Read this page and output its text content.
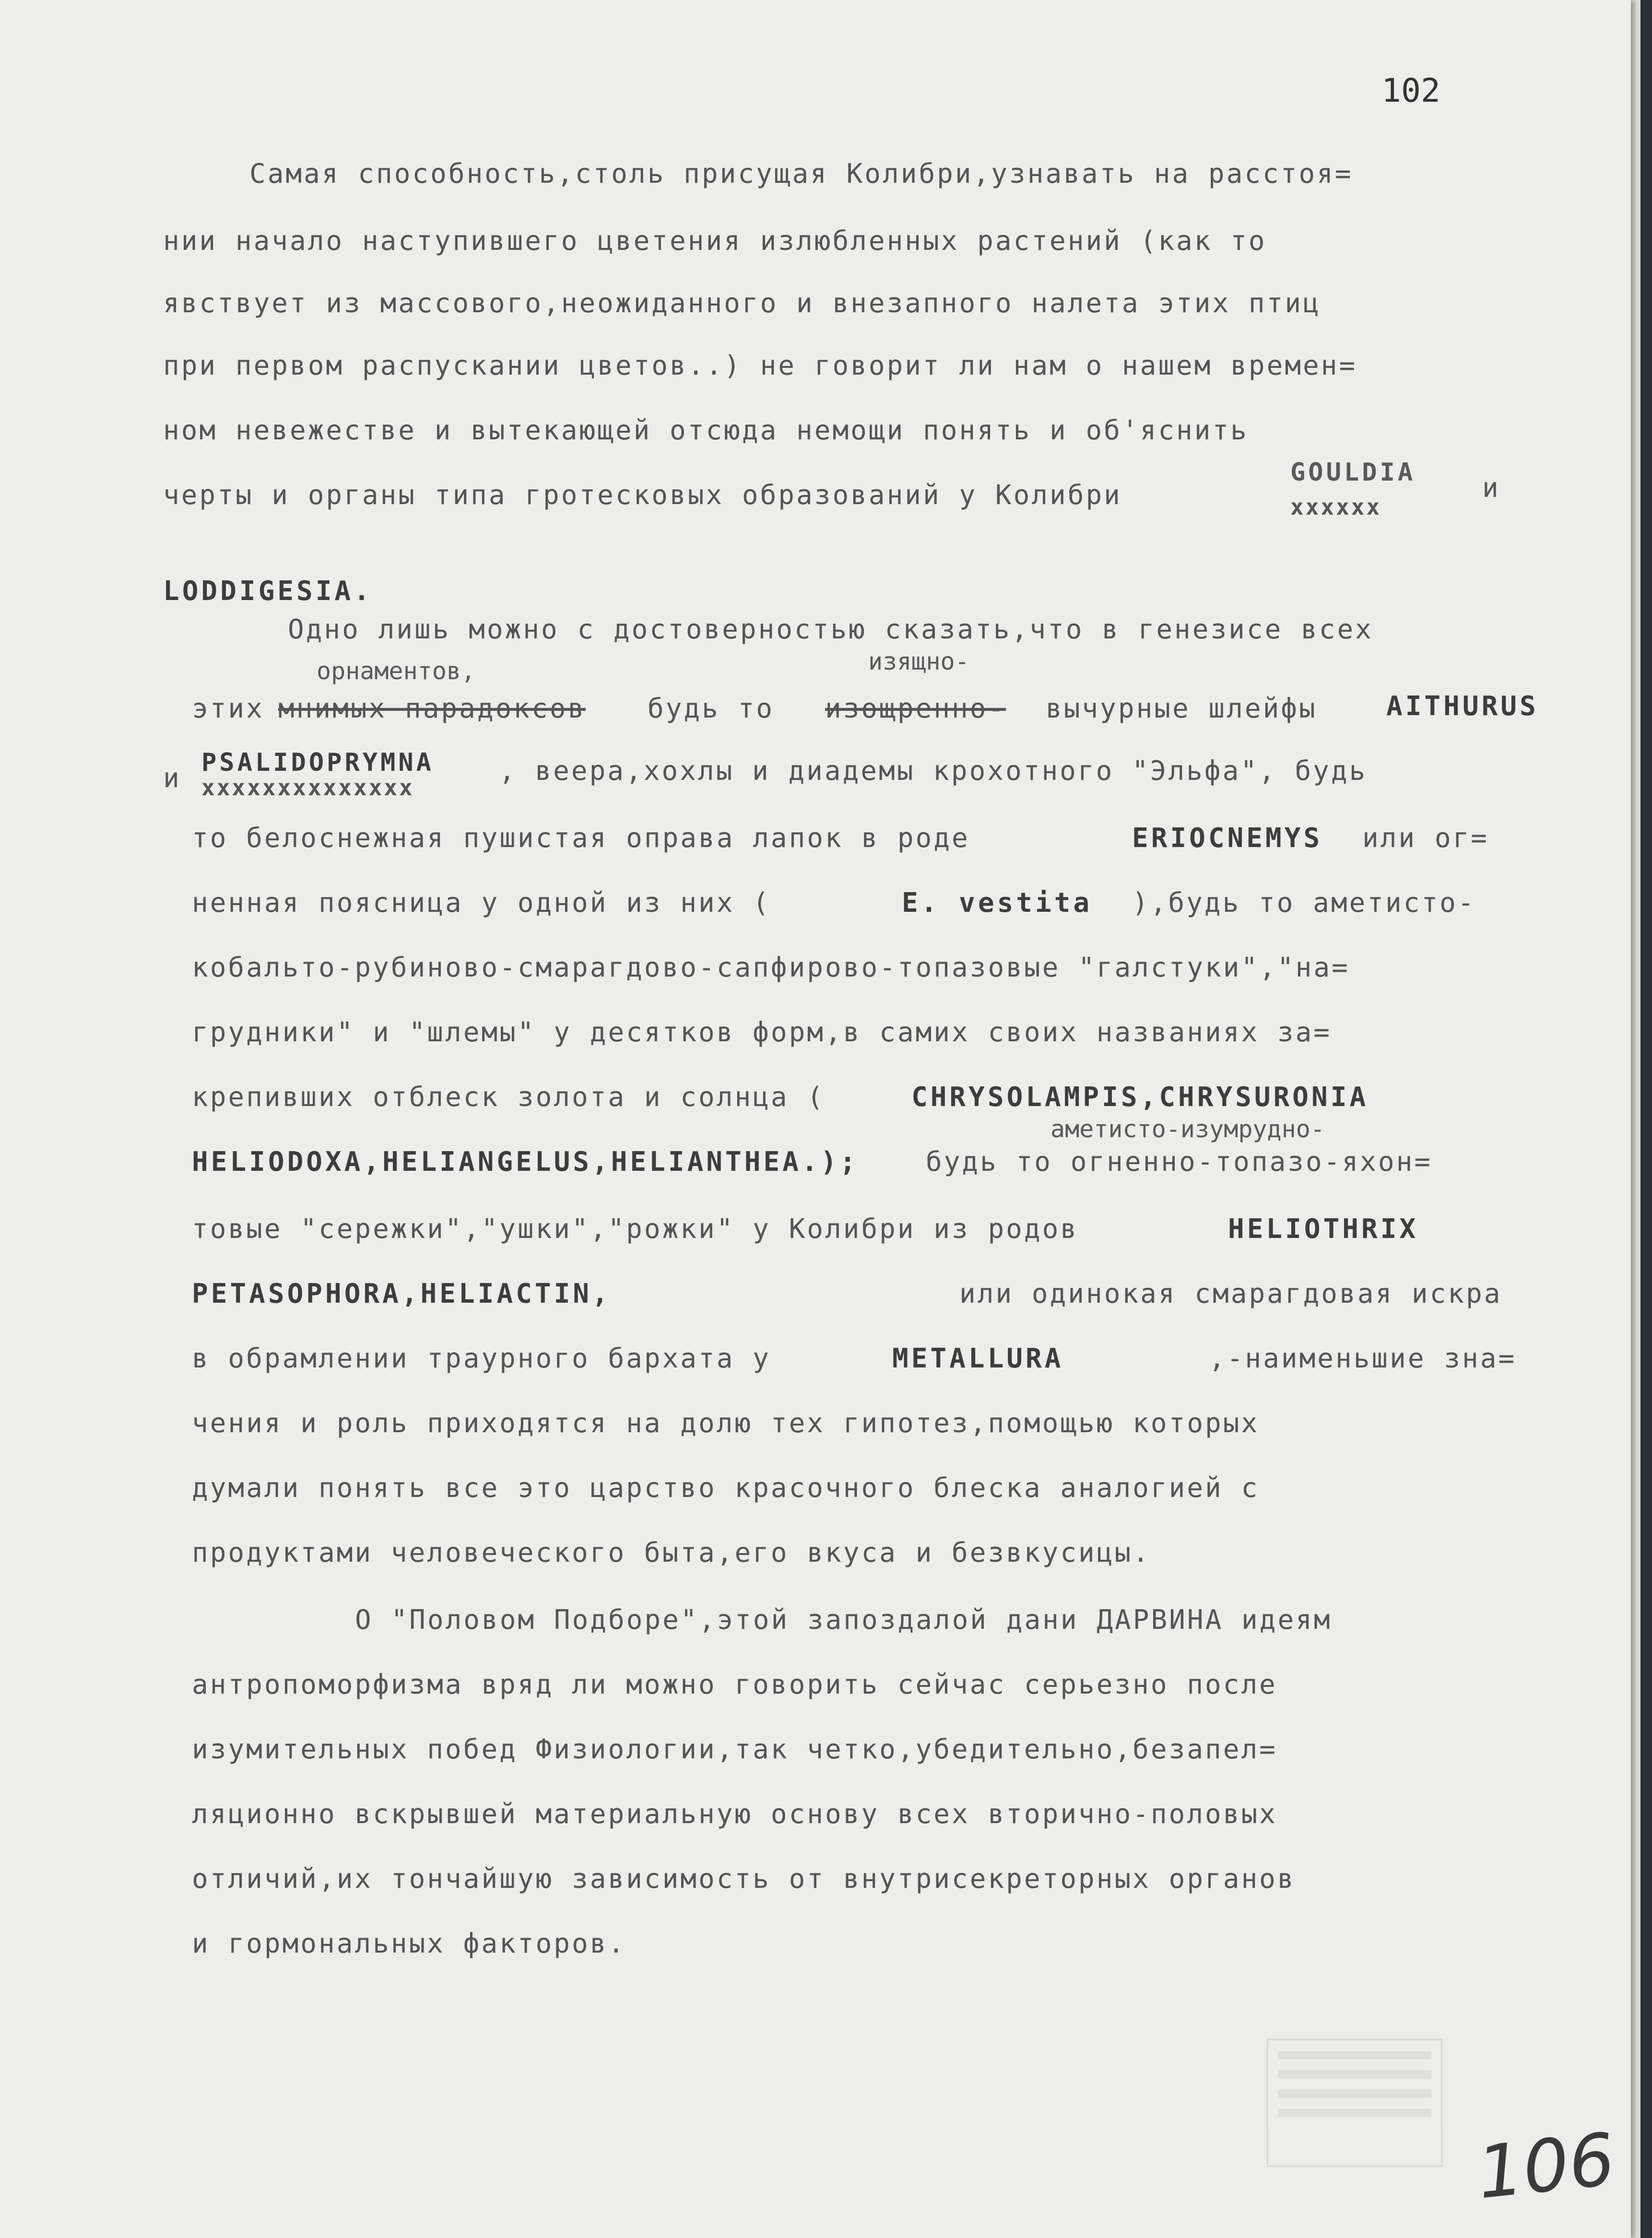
102
Самая способность,столь присущая Колибри,узнавать на расстоя=
нии начало наступившего цветения излюбленных растений (как то
явствует из массового,неожиданного и внезапного налета этих птиц
при первом распускании цветов..) не говорит ли нам о нашем времен=
ном невежестве и вытекающей отсюда немощи понять и об'яснить
GOULDIA
черты и органы типа гротесковых образований у Колибри	xxxxxx
и
LODDIGESIA.
Одно лишь можно с достоверностью сказать,что в генезисе всех
орнаментов,	изящно-
этих мнимых парадоксов будь то изощренно- вычурные шлейфы	AITHURUS
и PSALIDOPRYMNA
xxxxxxxxxxxxxx
, веера,хохлы и диадемы крохотного "Эльфа", будь
то белоснежная пушистая оправа лапок в роде	ERIOCNEMYS или ог=
ненная поясница у одной из них (	E. vestita ),будь то аметисто-
кобальто-рубиново-смарагдово-сапфирово-топазовые "галстуки","на=
грудники" и "шлемы" у десятков форм,в самих своих названиях за=
крепивших отблеск золота и солнца (	CHRYSOLAMPIS,CHRYSURONIA
аметисто-изумрудно-
HELIODOXA,HELIANGELUS,HELIANTHEA.); будь то огненно-топазо-яхон=
товые "сережки","ушки","рожки" у Колибри из родов	HELIOTHRIX
PETASOPHORA,HELIACTIN,	или одинокая смарагдовая искра
в обрамлении траурного бархата у	METALLURA	,-наименьшие зна=
чения и роль приходятся на долю тех гипотез,помощью которых
думали понять все это царство красочного блеска аналогией с
продуктами человеческого быта,его вкуса и безвкусицы.
О "Половом Подборе",этой запоздалой дани ДАРВИНА идеям
антропоморфизма вряд ли можно говорить сейчас серьезно после
изумительных побед Физиологии,так четко,убедительно,безапел=
ляционно вскрывшей материальную основу всех вторично-половых
отличий,их тончайшую зависимость от внутрисекреторных органов
и гормональных факторов.
106
